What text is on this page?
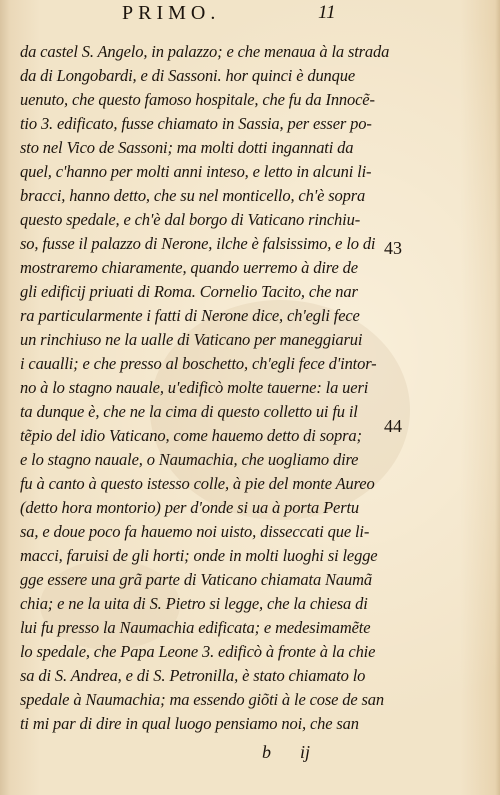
PRIMO.	11
da castel S. Angelo, in palazzo; e che menaua à la strada
da di Longobardi, e di Sassoni. hor quinci è dunque
uenuto, che questo famoso hospitale, che fu da Innocẽ-
tio 3. edificato, fusse chiamato in Sassia, per esser po-
sto nel Vico de Sassoni; ma molti dotti ingannati da
quel, c'hanno per molti anni inteso, e letto in alcuni li-
bracci, hanno detto, che su nel monticello, ch'è sopra
questo spedale, e ch'è dal borgo di Vaticano rinchiu-
so, fusse il palazzo di Nerone, ilche è falsissimo, e lo di
mostraremo chiaramente, quando uerremo à dire de
gli edificij priuati di Roma. Cornelio Tacito, che nar
ra particularmente i fatti di Nerone dice, ch'egli fece
un rinchiuso ne la ualle di Vaticano per maneggiarui
i caualli; e che presso al boschetto, ch'egli fece d'intor-
no à lo stagno nauale, u'edificò molte tauerne: la ueri
ta dunque è, che ne la cima di questo colletto ui fu il
tẽpio del idio Vaticano, come hauemo detto di sopra;
e lo stagno nauale, o Naumachia, che uogliamo dire
fu à canto à questo istesso colle, à pie del monte Aureo
(detto hora montorio) per d'onde si ua à porta Pertu
sa, e doue poco fa hauemo noi uisto, disseccati que li-
macci, faruisi de gli horti; onde in molti luoghi si legge
gge essere una grã parte di Vaticano chiamata Naumã
chia; e ne la uita di S. Pietro si legge, che la chiesa di
lui fu presso la Naumachia edificata; e medesimamẽte
lo spedale, che Papa Leone 3. edificò à fronte à la chie
sa di S. Andrea, e di S. Petronilla, è stato chiamato lo
spedale à Naumachia; ma essendo giõti à le cose de san
ti mi par di dire in qual luogo pensiamo noi, che san
43
44
b ij
